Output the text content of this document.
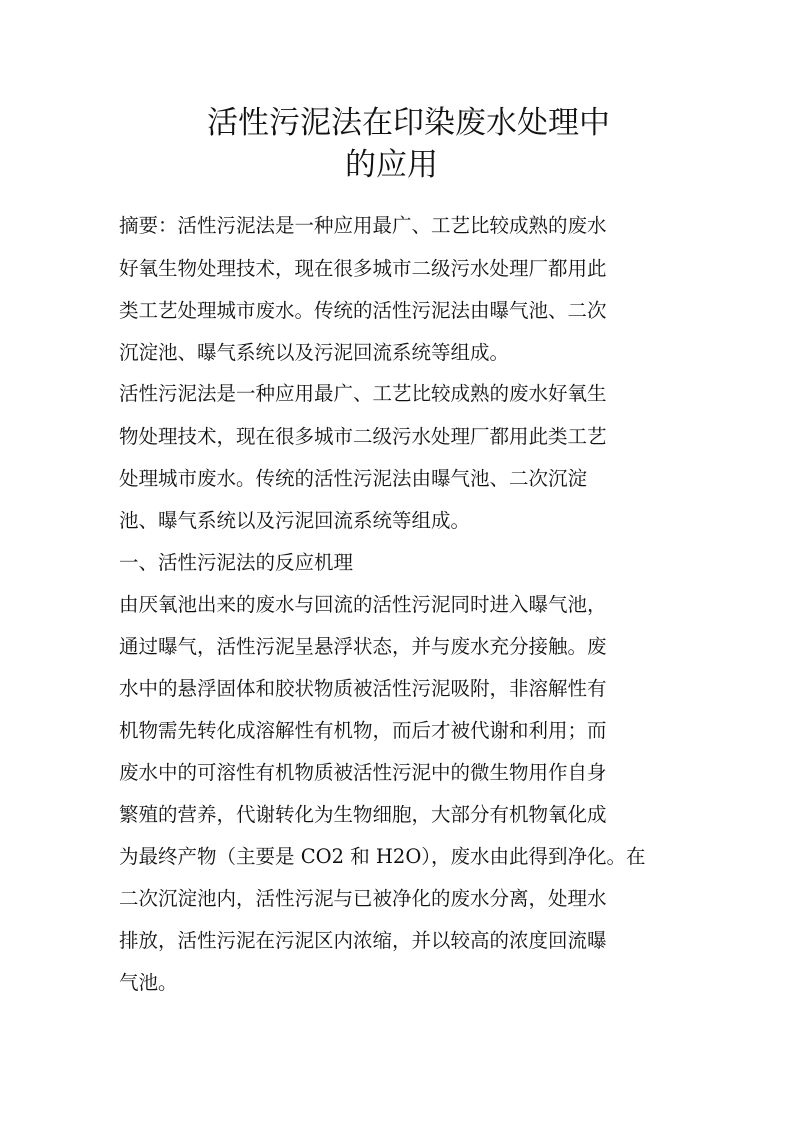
活性污泥法在印染废水处理中
的应用

摘要：活性污泥法是一种应用最广、工艺比较成熟的废水

好氧生物处理技术，现在很多城市二级污水处理厂都用此

类工艺处理城市废水。传统的活性污泥法由曝气池、二次

沉淀池、曝气系统以及污泥回流系统等组成。

活性污泥法是一种应用最广、工艺比较成熟的废水好氧生

物处理技术，现在很多城市二级污水处理厂都用此类工艺

处理城市废水。传统的活性污泥法由曝气池、二次沉淀

池、曝气系统以及污泥回流系统等组成。

一、活性污泥法的反应机理

由厌氧池出来的废水与回流的活性污泥同时进入曝气池，

通过曝气，活性污泥呈悬浮状态，并与废水充分接触。废

水中的悬浮固体和胶状物质被活性污泥吸附，非溶解性有

机物需先转化成溶解性有机物，而后才被代谢和利用；而

废水中的可溶性有机物质被活性污泥中的微生物用作自身

繁殖的营养，代谢转化为生物细胞，大部分有机物氧化成

为最终产物（主要是 CO2 和 H2O），废水由此得到净化。在

二次沉淀池内，活性污泥与已被净化的废水分离，处理水

排放，活性污泥在污泥区内浓缩，并以较高的浓度回流曝

气池。
